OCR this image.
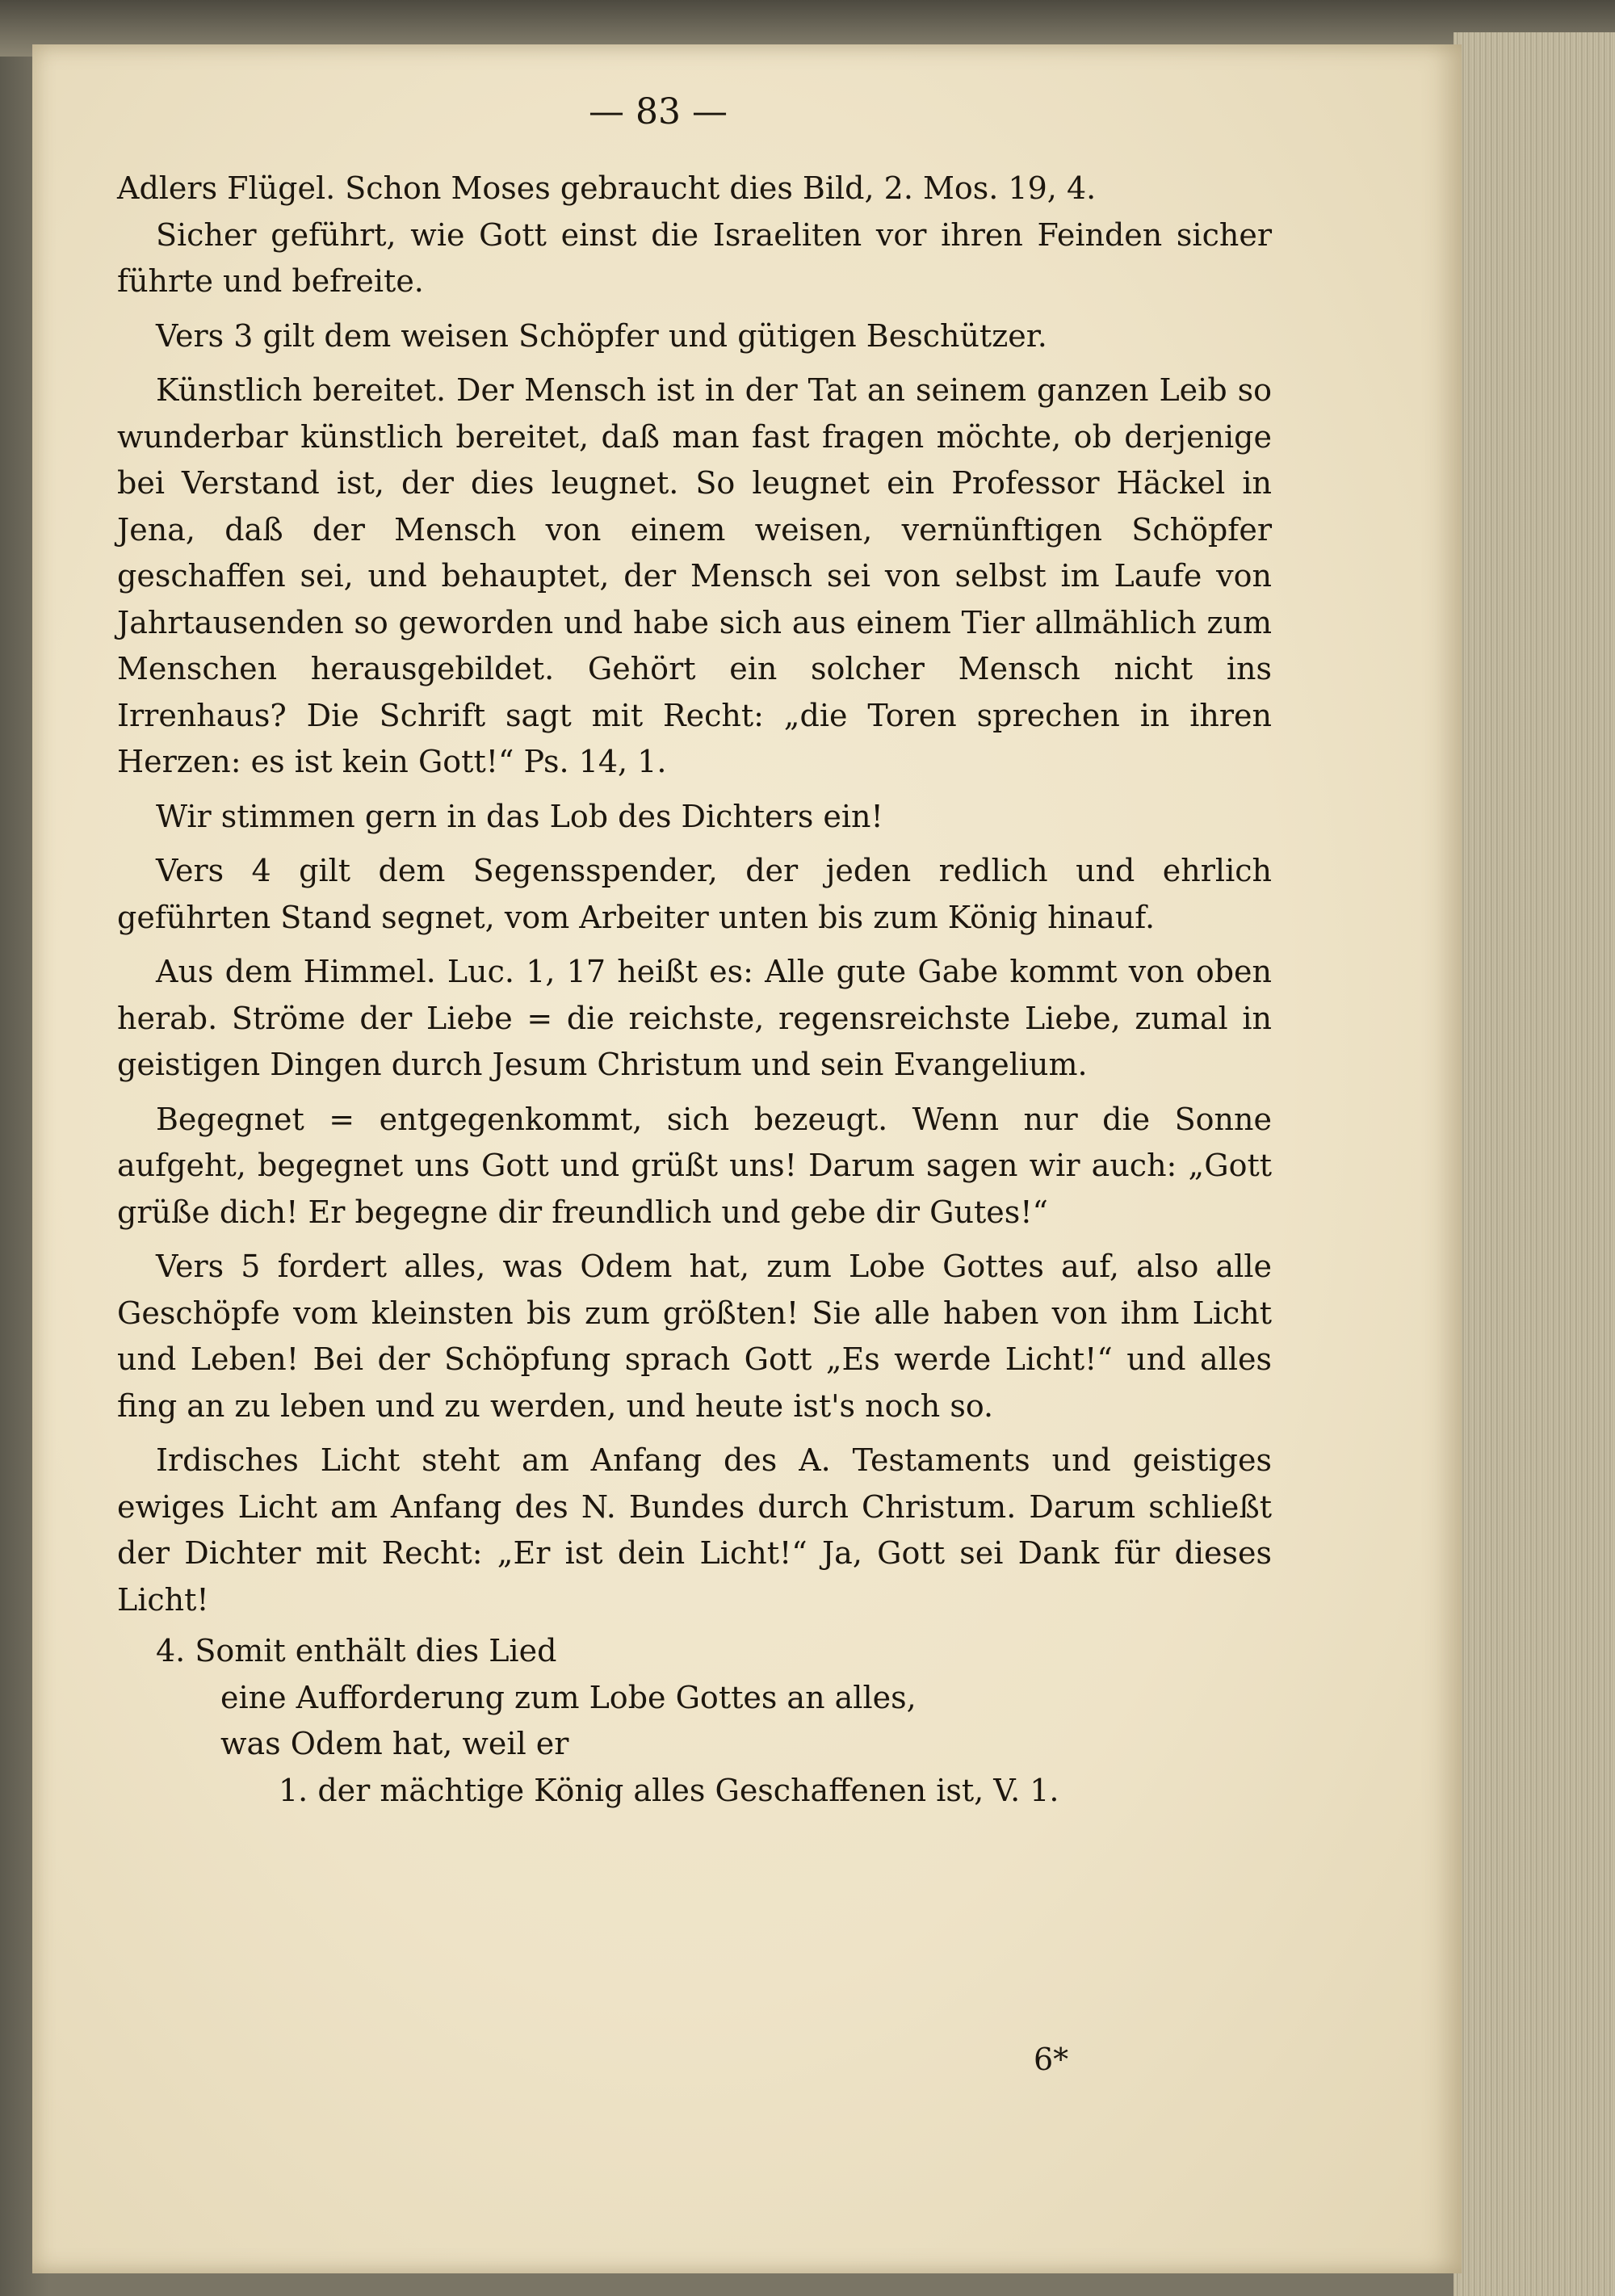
— 83 —

Adlers Flügel. Schon Moses gebraucht dies Bild, 2. Mos. 19, 4.

Sicher geführt, wie Gott einst die Israeliten vor ihren Feinden sicher führte und befreite.

Vers 3 gilt dem weisen Schöpfer und gütigen Beschützer.

Künstlich bereitet. Der Mensch ist in der Tat an seinem ganzen Leib so wunderbar künstlich bereitet, daß man fast fragen möchte, ob derjenige bei Verstand ist, der dies leugnet. So leugnet ein Professor Häckel in Jena, daß der Mensch von einem weisen, vernünftigen Schöpfer geschaffen sei, und behauptet, der Mensch sei von selbst im Laufe von Jahrtausenden so geworden und habe sich aus einem Tier allmählich zum Menschen herausgebildet. Gehört ein solcher Mensch nicht ins Irrenhaus? Die Schrift sagt mit Recht: „die Toren sprechen in ihren Herzen: es ist kein Gott!“ Ps. 14, 1.

Wir stimmen gern in das Lob des Dichters ein!

Vers 4 gilt dem Segensspender, der jeden redlich und ehrlich geführten Stand segnet, vom Arbeiter unten bis zum König hinauf.

Aus dem Himmel. Luc. 1, 17 heißt es: Alle gute Gabe kommt von oben herab. Ströme der Liebe = die reichste, regensreichste Liebe, zumal in geistigen Dingen durch Jesum Christum und sein Evangelium.

Begegnet = entgegenkommt, sich bezeugt. Wenn nur die Sonne aufgeht, begegnet uns Gott und grüßt uns! Darum sagen wir auch: „Gott grüße dich! Er begegne dir freundlich und gebe dir Gutes!“

Vers 5 fordert alles, was Odem hat, zum Lobe Gottes auf, also alle Geschöpfe vom kleinsten bis zum größten! Sie alle haben von ihm Licht und Leben! Bei der Schöpfung sprach Gott „Es werde Licht!“ und alles fing an zu leben und zu werden, und heute ist's noch so.

Irdisches Licht steht am Anfang des A. Testaments und geistiges ewiges Licht am Anfang des N. Bundes durch Christum. Darum schließt der Dichter mit Recht: „Er ist dein Licht!“ Ja, Gott sei Dank für dieses Licht!

4. Somit enthält dies Lied

eine Aufforderung zum Lobe Gottes an alles,

was Odem hat, weil er

1. der mächtige König alles Geschaffenen ist, V. 1.

6*
